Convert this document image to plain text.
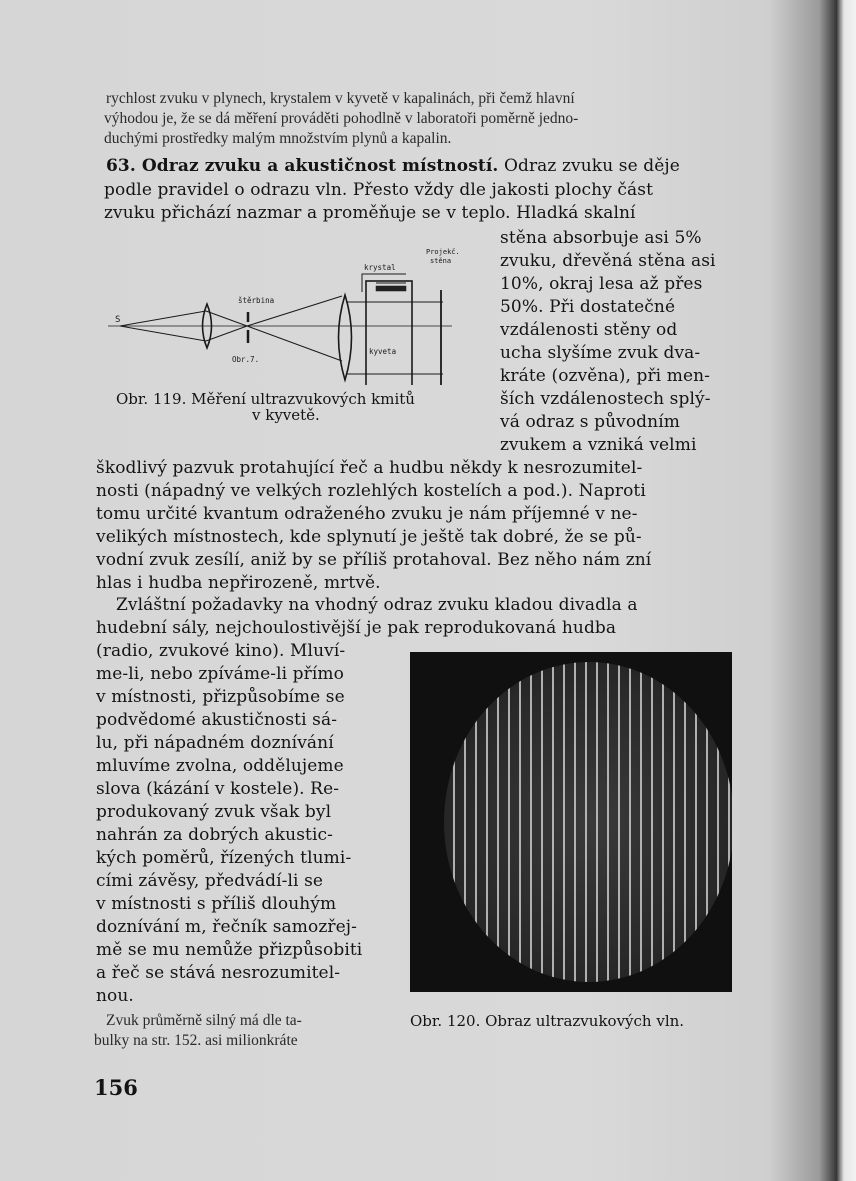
rychlost zvuku v plynech, krystalem v kyvetě v kapalinách, při čemž hlavní
výhodou je, že se dá měření prováděti pohodlně v laboratoři poměrně jedno-
duchými prostředky malým množstvím plynů a kapalin.
63. Odraz zvuku a akustičnost místností. Odraz zvuku se děje
podle pravidel o odrazu vln. Přesto vždy dle jakosti plochy část
zvuku přichází nazmar a proměňuje se v teplo. Hladká skalní
stěna absorbuje asi 5%
zvuku, dřevěná stěna asi
10%, okraj lesa až přes
50%. Při dostatečné
vzdálenosti stěny od
ucha slyšíme zvuk dva-
kráte (ozvěna), při men-
ších vzdálenostech splý-
vá odraz s původním
zvukem a vzniká velmi
S
štěrbina
Obr.7.
krystal
Projekč.
stěna
kyveta
Obr. 119. Měření ultrazvukových kmitů
v kyvetě.
škodlivý pazvuk protahující řeč a hudbu někdy k nesrozumitel-
nosti (nápadný ve velkých rozlehlých kostelích a pod.). Naproti
tomu určité kvantum odraženého zvuku je nám příjemné v ne-
velikých místnostech, kde splynutí je ještě tak dobré, že se pů-
vodní zvuk zesílí, aniž by se příliš protahoval. Bez něho nám zní
hlas i hudba nepřirozeně, mrtvě.
Zvláštní požadavky na vhodný odraz zvuku kladou divadla a
hudební sály, nejchoulostivější je pak reprodukovaná hudba
(radio, zvukové kino). Mluví-
me-li, nebo zpíváme-li přímo
v místnosti, přizpůsobíme se
podvědomé akustičnosti sá-
lu, při nápadném doznívání
mluvíme zvolna, oddělujeme
slova (kázání v kostele). Re-
produkovaný zvuk však byl
nahrán za dobrých akustic-
kých poměrů, řízených tlumi-
cími závěsy, předvádí-li se
v místnosti s příliš dlouhým
doznívání m, řečník samozřej-
mě se mu nemůže přizpůsobiti
a řeč se stává nesrozumitel-
nou.
Zvuk průměrně silný má dle ta-
bulky na str. 152. asi milionkráte
Obr. 120. Obraz ultrazvukových vln.
156
